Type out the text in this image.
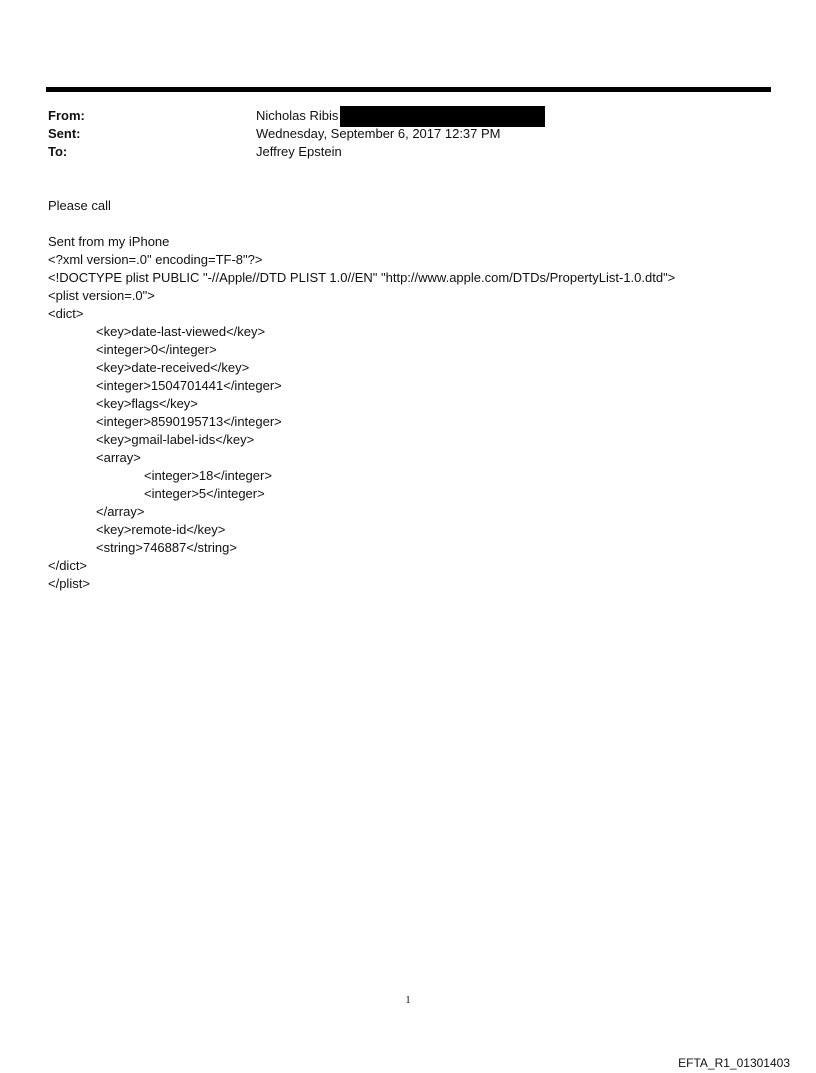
From:	Nicholas Ribis
Sent:	Wednesday, September 6, 2017 12:37 PM
To:	Jeffrey Epstein
Please call
Sent from my iPhone
<?xml version=.0" encoding=TF-8"?>
<!DOCTYPE plist PUBLIC "-//Apple//DTD PLIST 1.0//EN" "http://www.apple.com/DTDs/PropertyList-1.0.dtd">
<plist version=.0">
<dict>
<key>date-last-viewed</key>
<integer>0</integer>
<key>date-received</key>
<integer>1504701441</integer>
<key>flags</key>
<integer>8590195713</integer>
<key>gmail-label-ids</key>
<array>
<integer>18</integer>
<integer>5</integer>
</array>
<key>remote-id</key>
<string>746887</string>
</dict>
</plist>
1
EFTA_R1_01301403
